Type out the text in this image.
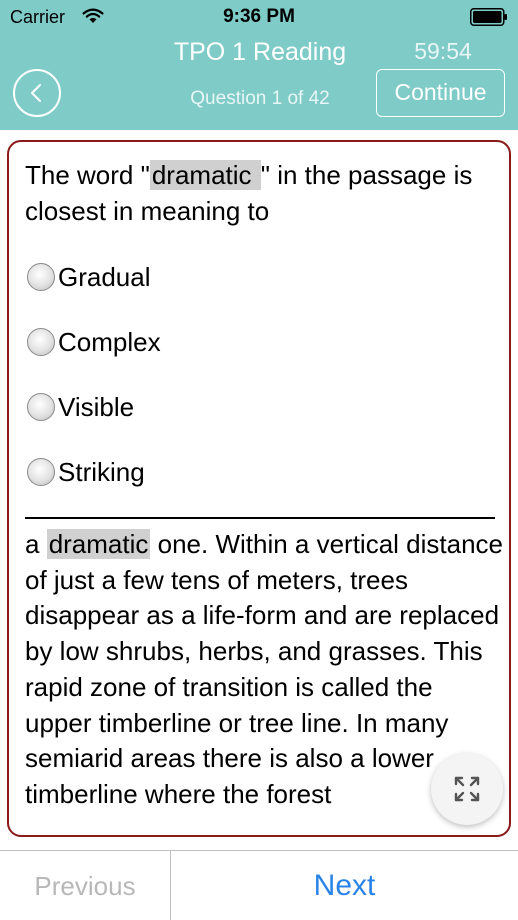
Carrier	9:36 PM
TPO 1 Reading
Question 1 of 42
59:54
Continue
The word "dramatic " in the passage is closest in meaning to
Gradual
Complex
Visible
Striking
a dramatic one. Within a vertical distance of just a few tens of meters, trees disappear as a life-form and are replaced by low shrubs, herbs, and grasses. This rapid zone of transition is called the upper timberline or tree line. In many semiarid areas there is also a lower timberline where the forest
Previous	Next
